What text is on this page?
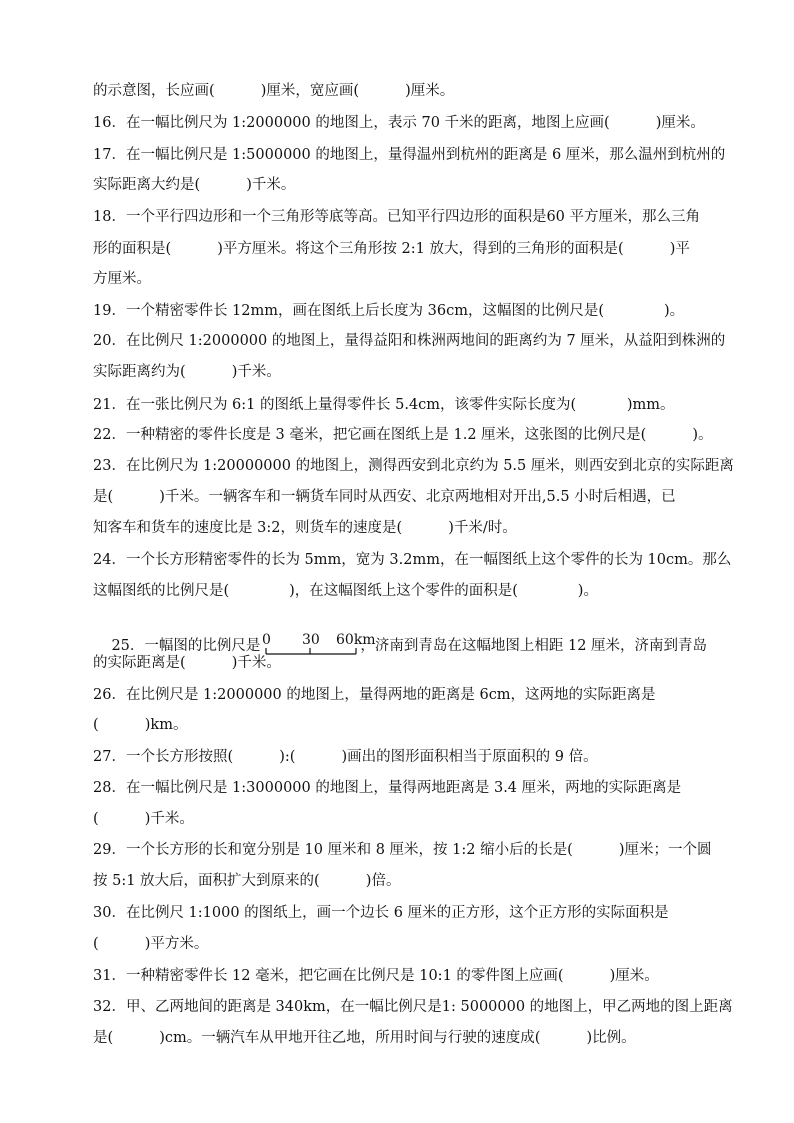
的示意图，长应画(          )厘米，宽应画(          )厘米。
16．在一幅比例尺为 1:2000000 的地图上，表示 70 千米的距离，地图上应画(          )厘米。
17．在一幅比例尺是 1:5000000 的地图上，量得温州到杭州的距离是 6 厘米，那么温州到杭州的
实际距离大约是(          )千米。
18．一个平行四边形和一个三角形等底等高。已知平行四边形的面积是60 平方厘米，那么三角
形的面积是(          )平方厘米。将这个三角形按 2:1 放大，得到的三角形的面积是(          )平
方厘米。
19．一个精密零件长 12mm，画在图纸上后长度为 36cm，这幅图的比例尺是(             )。
20．在比例尺 1:2000000 的地图上，量得益阳和株洲两地间的距离约为 7 厘米，从益阳到株洲的
实际距离约为(          )千米。
21．在一张比例尺为 6:1 的图纸上量得零件长 5.4cm，该零件实际长度为(           )mm。
22．一种精密的零件长度是 3 毫米，把它画在图纸上是 1.2 厘米，这张图的比例尺是(          )。
23．在比例尺为 1:20000000 的地图上，测得西安到北京约为 5.5 厘米，则西安到北京的实际距离
是(          )千米。一辆客车和一辆货车同时从西安、北京两地相对开出,5.5 小时后相遇，已
知客车和货车的速度比是 3:2，则货车的速度是(          )千米/时。
24．一个长方形精密零件的长为 5mm，宽为 3.2mm，在一幅图纸上这个零件的长为 10cm。那么
这幅图纸的比例尺是(             )，在这幅图纸上这个零件的面积是(             )。

25．一幅图的比例尺是 0 30 60km
，济南到青岛在这幅地图上相距 12 厘米，济南到青岛

的实际距离是(          )千米。
26．在比例尺是 1:2000000 的地图上，量得两地的距离是 6cm，这两地的实际距离是
(          )km。
27．一个长方形按照(          ):(          )画出的图形面积相当于原面积的 9 倍。
28．在一幅比例尺是 1:3000000 的地图上，量得两地距离是 3.4 厘米，两地的实际距离是
(          )千米。
29．一个长方形的长和宽分别是 10 厘米和 8 厘米，按 1:2 缩小后的长是(          )厘米；一个圆
按 5:1 放大后，面积扩大到原来的(          )倍。
30．在比例尺 1:1000 的图纸上，画一个边长 6 厘米的正方形，这个正方形的实际面积是
(          )平方米。
31．一种精密零件长 12 毫米，把它画在比例尺是 10:1 的零件图上应画(          )厘米。
32．甲、乙两地间的距离是 340km，在一幅比例尺是1: 5000000 的地图上，甲乙两地的图上距离
是(          )cm。一辆汽车从甲地开往乙地，所用时间与行驶的速度成(          )比例。
